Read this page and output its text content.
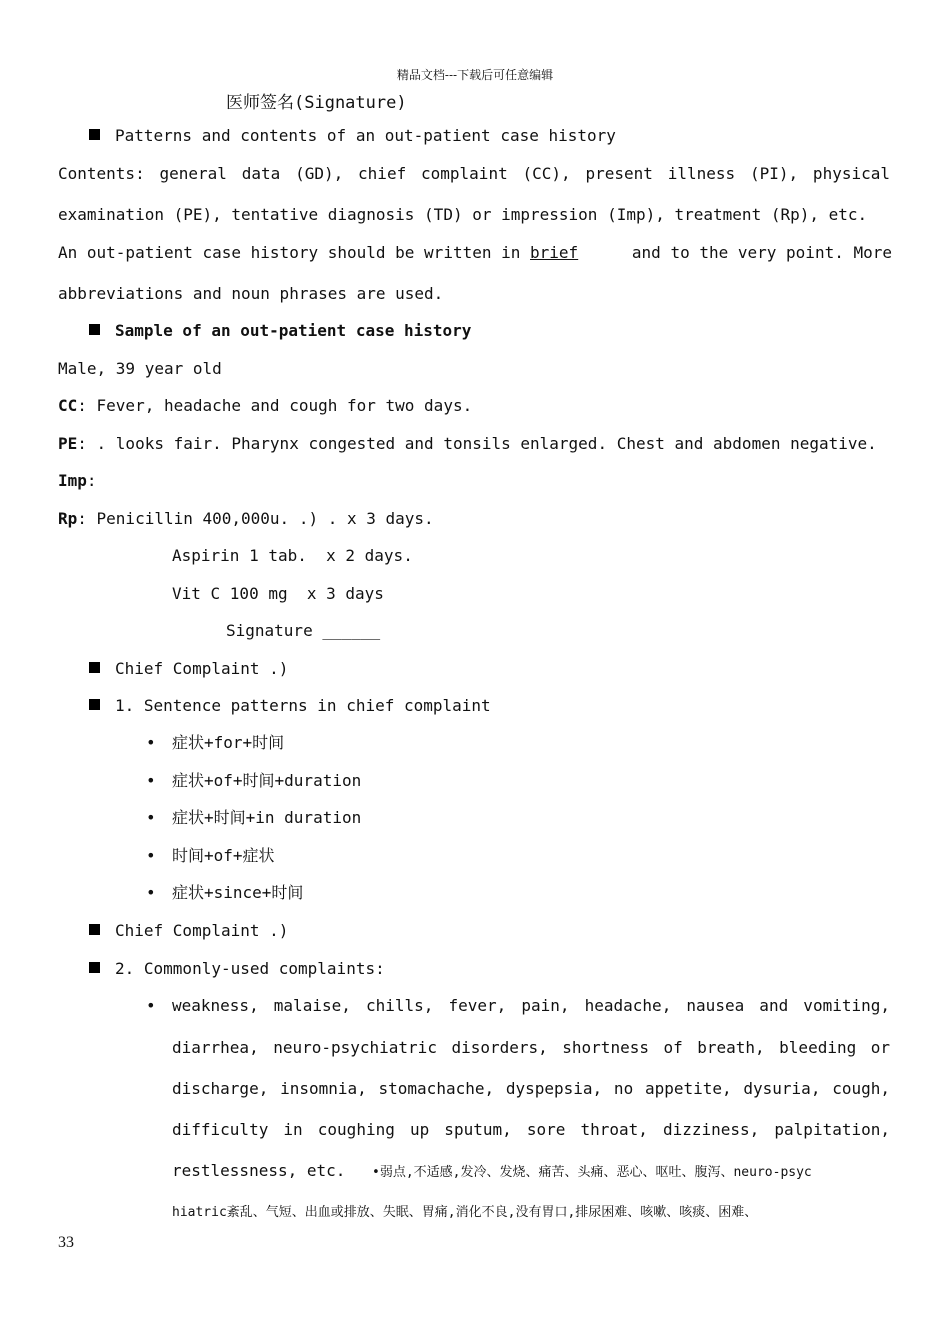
精品文档---下载后可任意编辑
医师签名(Signature)
Patterns and contents of an out-patient case history
Contents: general data (GD), chief complaint (CC), present illness (PI), physical
examination (PE), tentative diagnosis (TD) or impression (Imp), treatment (Rp), etc.
An out-patient case history should be written in brief	and to the very point. More
abbreviations and noun phrases are used.
Sample of an out-patient case history
Male, 39 year old
CC: Fever, headache and cough for two days.
PE: . looks fair. Pharynx congested and tonsils enlarged. Chest and abdomen negative.
Imp:
Rp: Penicillin 400,000u. .) . x 3 days.
Aspirin 1 tab.  x 2 days.
Vit C 100 mg  x 3 days
Signature ______
Chief Complaint .)
1. Sentence patterns in chief complaint
• 症状+for+时间
• 症状+of+时间+duration
• 症状+时间+in duration
• 时间+of+症状
• 症状+since+时间
Chief Complaint .)
2. Commonly-used complaints:
• weakness, malaise, chills, fever, pain, headache, nausea and vomiting,
diarrhea, neuro-psychiatric disorders, shortness of breath, bleeding or
discharge, insomnia, stomachache, dyspepsia, no appetite, dysuria, cough,
difficulty in coughing up sputum, sore throat, dizziness, palpitation,
restlessness, etc. •弱点,不适感,发冷、发烧、痛苦、头痛、恶心、呕吐、腹泻、neuro-psyc
hiatric紊乱、气短、出血或排放、失眠、胃痛,消化不良,没有胃口,排尿困难、咳嗽、咳痰、困难、
33
